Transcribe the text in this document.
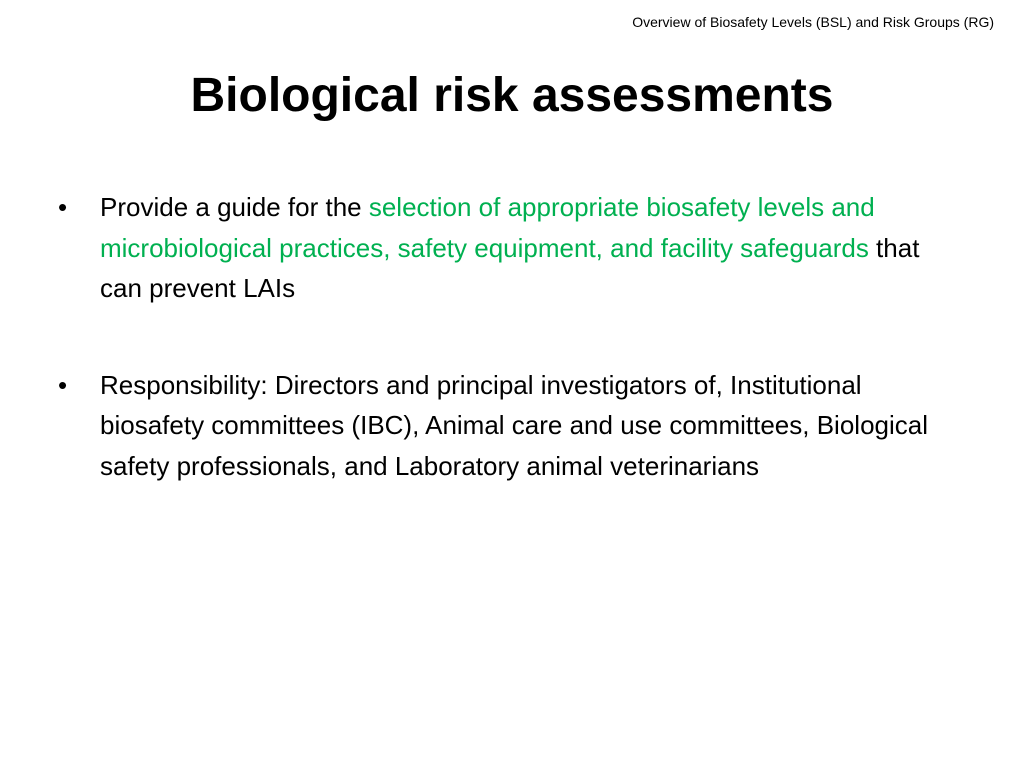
Overview of Biosafety Levels (BSL) and Risk Groups (RG)
Biological risk assessments
• Provide a guide for the selection of appropriate biosafety levels and microbiological practices, safety equipment, and facility safeguards that can prevent LAIs
• Responsibility: Directors and principal investigators of, Institutional biosafety committees (IBC), Animal care and use committees, Biological safety professionals, and Laboratory animal veterinarians
